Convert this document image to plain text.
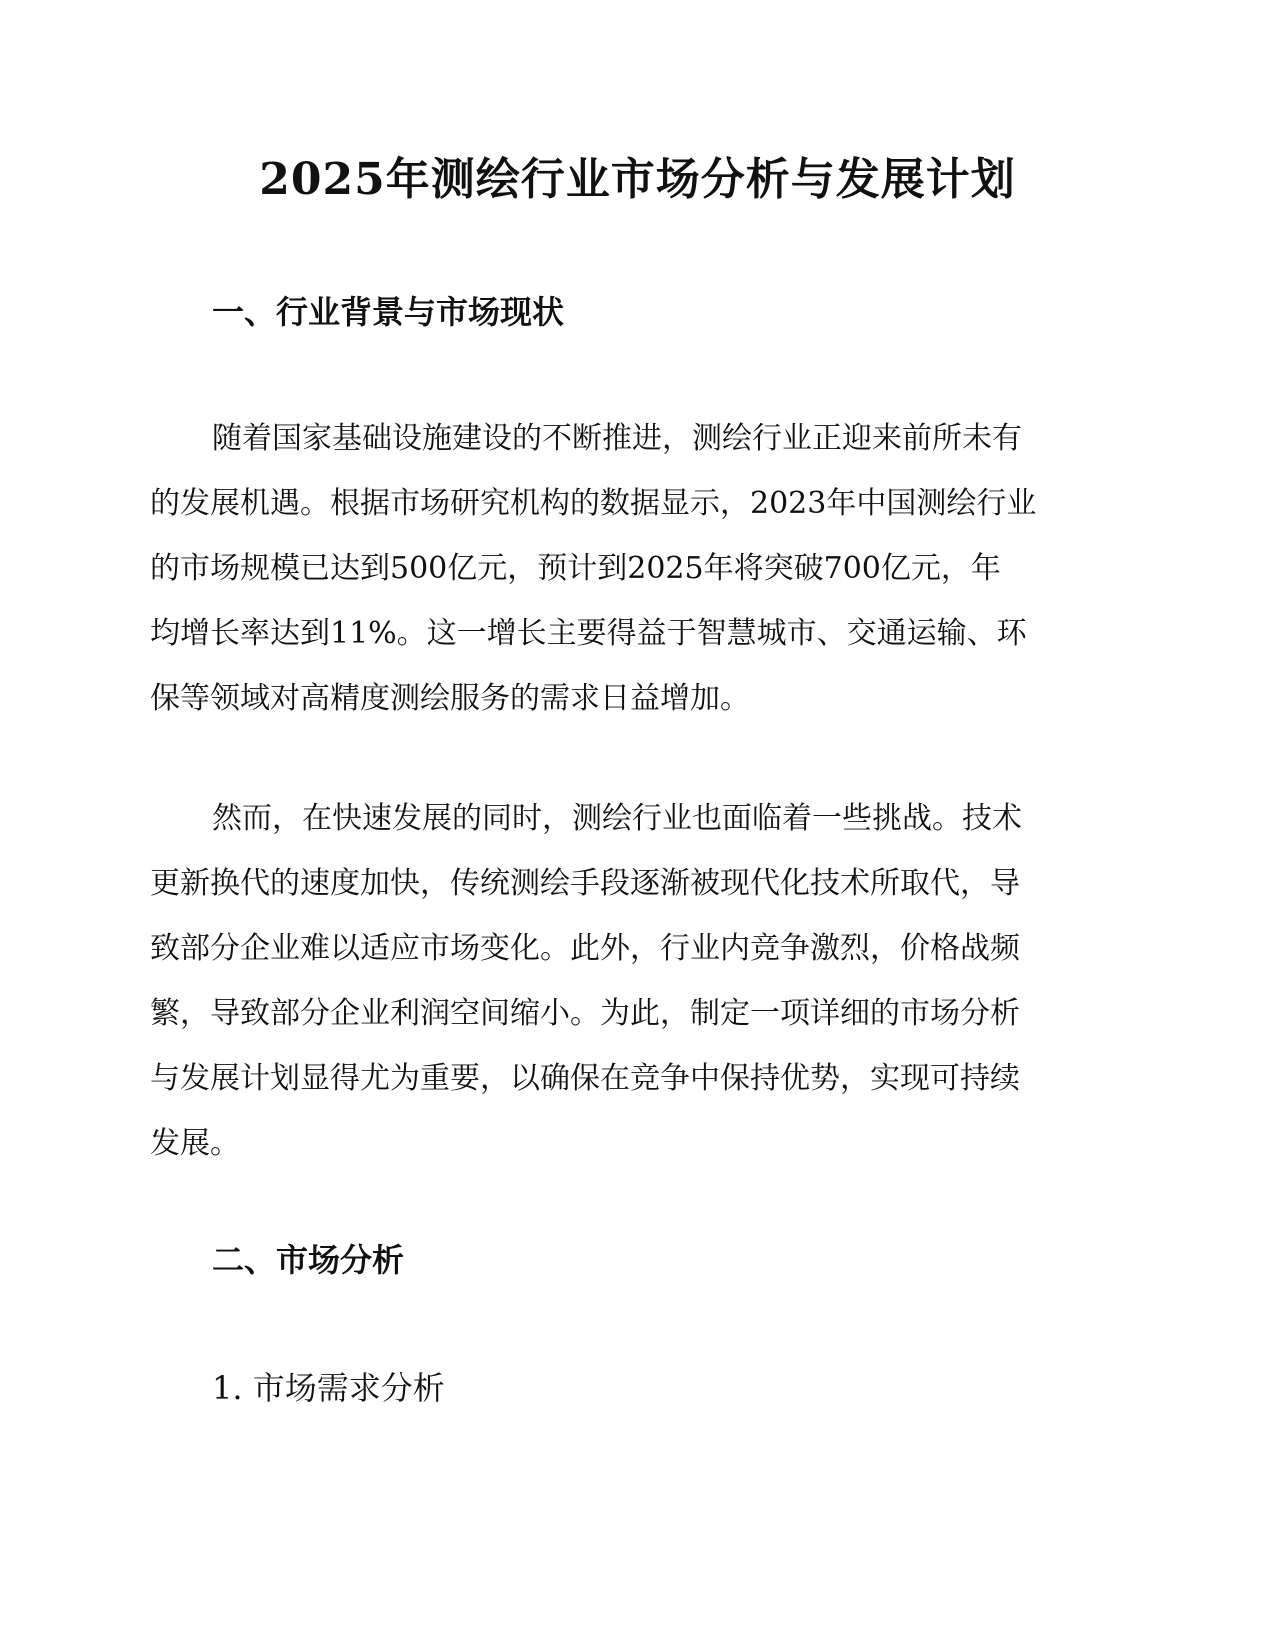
2025年测绘行业市场分析与发展计划
一、行业背景与市场现状

随着国家基础设施建设的不断推进，测绘行业正迎来前所未有
的发展机遇。根据市场研究机构的数据显示，2023年中国测绘行业
的市场规模已达到500亿元，预计到2025年将突破700亿元，年
均增长率达到11%。这一增长主要得益于智慧城市、交通运输、环
保等领域对高精度测绘服务的需求日益增加。

然而，在快速发展的同时，测绘行业也面临着一些挑战。技术
更新换代的速度加快，传统测绘手段逐渐被现代化技术所取代，导
致部分企业难以适应市场变化。此外，行业内竞争激烈，价格战频
繁，导致部分企业利润空间缩小。为此，制定一项详细的市场分析
与发展计划显得尤为重要，以确保在竞争中保持优势，实现可持续
发展。

二、市场分析
1. 市场需求分析
